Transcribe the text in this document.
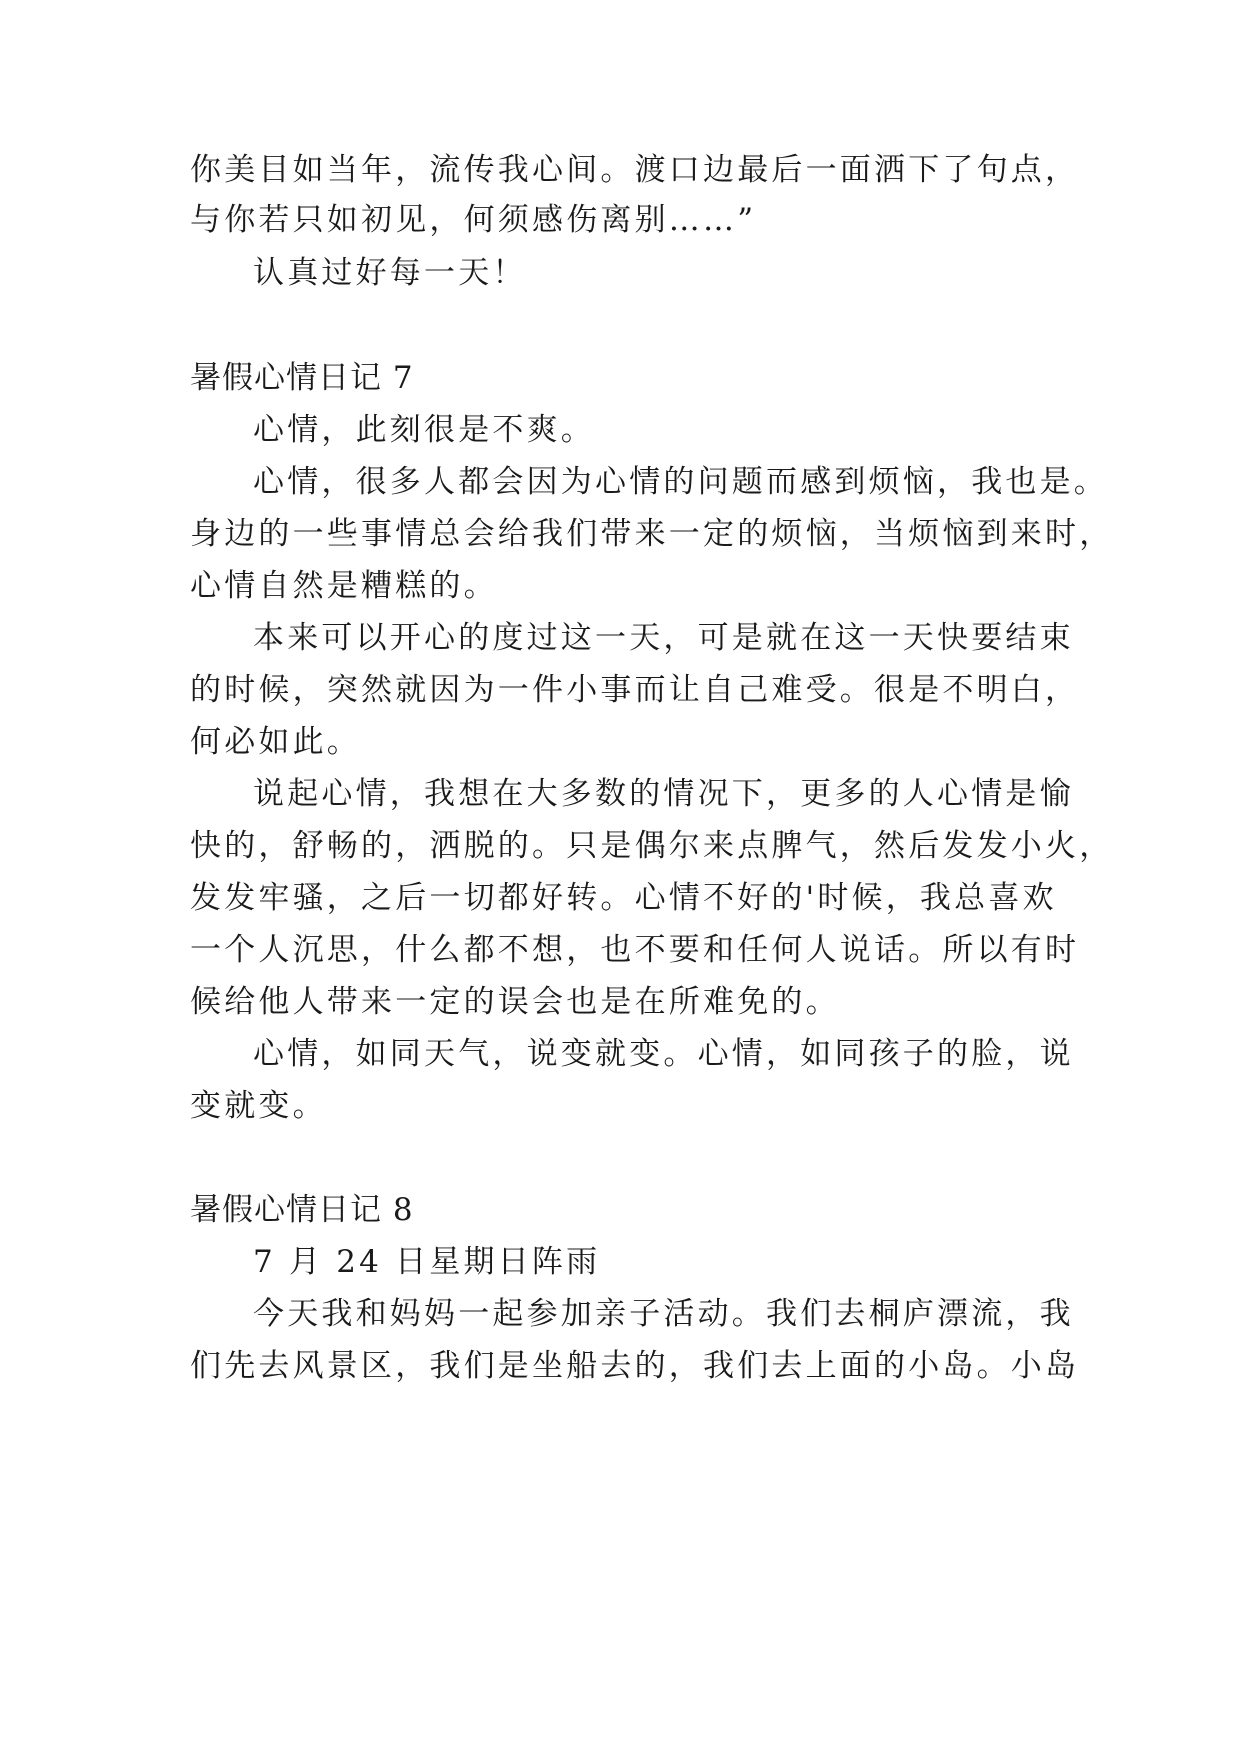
你美目如当年，流传我心间。渡口边最后一面洒下了句点，
与你若只如初见，何须感伤离别……”
认真过好每一天！
暑假心情日记 7
心情，此刻很是不爽。
心情，很多人都会因为心情的问题而感到烦恼，我也是。
身边的一些事情总会给我们带来一定的烦恼，当烦恼到来时，
心情自然是糟糕的。
本来可以开心的度过这一天，可是就在这一天快要结束
的时候，突然就因为一件小事而让自己难受。很是不明白，
何必如此。
说起心情，我想在大多数的情况下，更多的人心情是愉
快的，舒畅的，洒脱的。只是偶尔来点脾气，然后发发小火，
发发牢骚，之后一切都好转。心情不好的'时候，我总喜欢
一个人沉思，什么都不想，也不要和任何人说话。所以有时
候给他人带来一定的误会也是在所难免的。
心情，如同天气，说变就变。心情，如同孩子的脸，说
变就变。
暑假心情日记 8
7 月 24 日星期日阵雨
今天我和妈妈一起参加亲子活动。我们去桐庐漂流，我
们先去风景区，我们是坐船去的，我们去上面的小岛。小岛
